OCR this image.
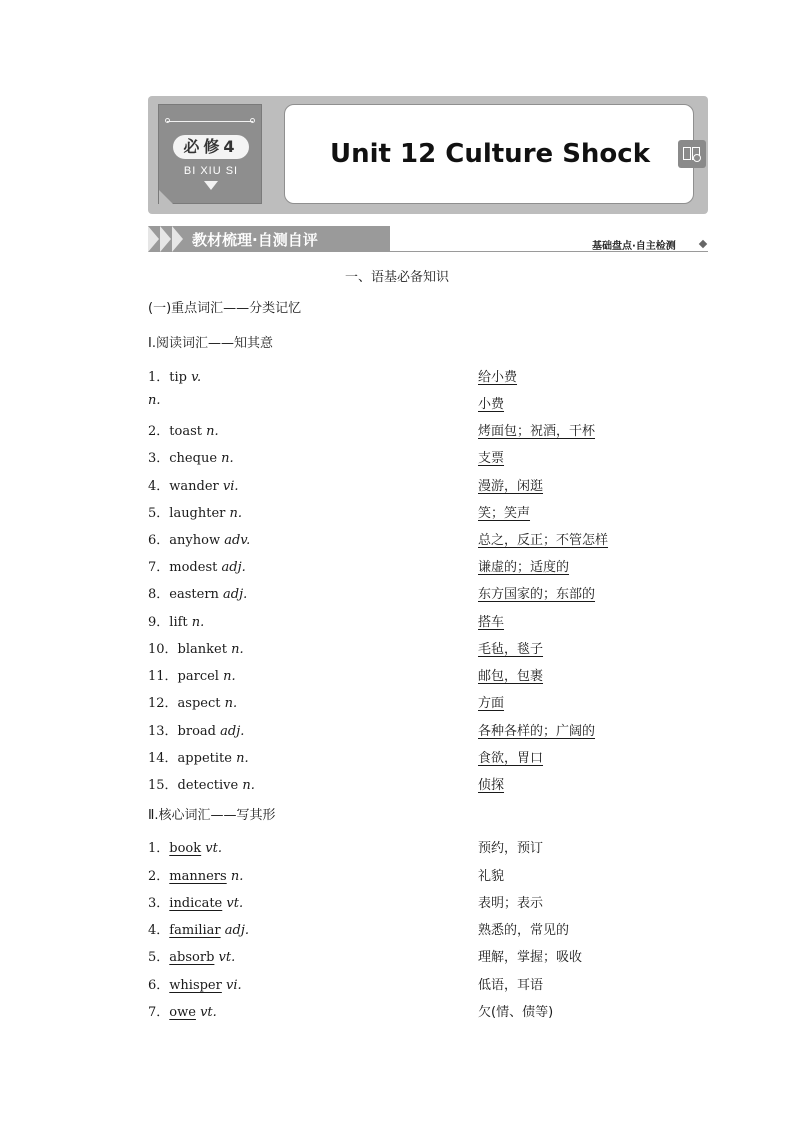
必修4
BI XIU SI
Unit 12 Culture Shock
教材梳理·自测自评	基础盘点·自主检测
一、语基必备知识
(一)重点词汇——分类记忆
Ⅰ.阅读词汇——知其意
1．tip v.	给小费
n.	小费
2．toast n.	烤面包；祝酒，干杯
3．cheque n.	支票
4．wander vi.	漫游，闲逛
5．laughter n.	笑；笑声
6．anyhow adv.	总之，反正；不管怎样
7．modest adj.	谦虚的；适度的
8．eastern adj.	东方国家的；东部的
9．lift n.	搭车
10．blanket n.	毛毡，毯子
11．parcel n.	邮包，包裹
12．aspect n.	方面
13．broad adj.	各种各样的；广阔的
14．appetite n.	食欲，胃口
15．detective n.	侦探
Ⅱ.核心词汇——写其形
1．book vt.	预约，预订
2．manners n.	礼貌
3．indicate vt.	表明；表示
4．familiar adj.	熟悉的，常见的
5．absorb vt.	理解，掌握；吸收
6．whisper vi.	低语，耳语
7．owe vt.	欠(情、债等)
